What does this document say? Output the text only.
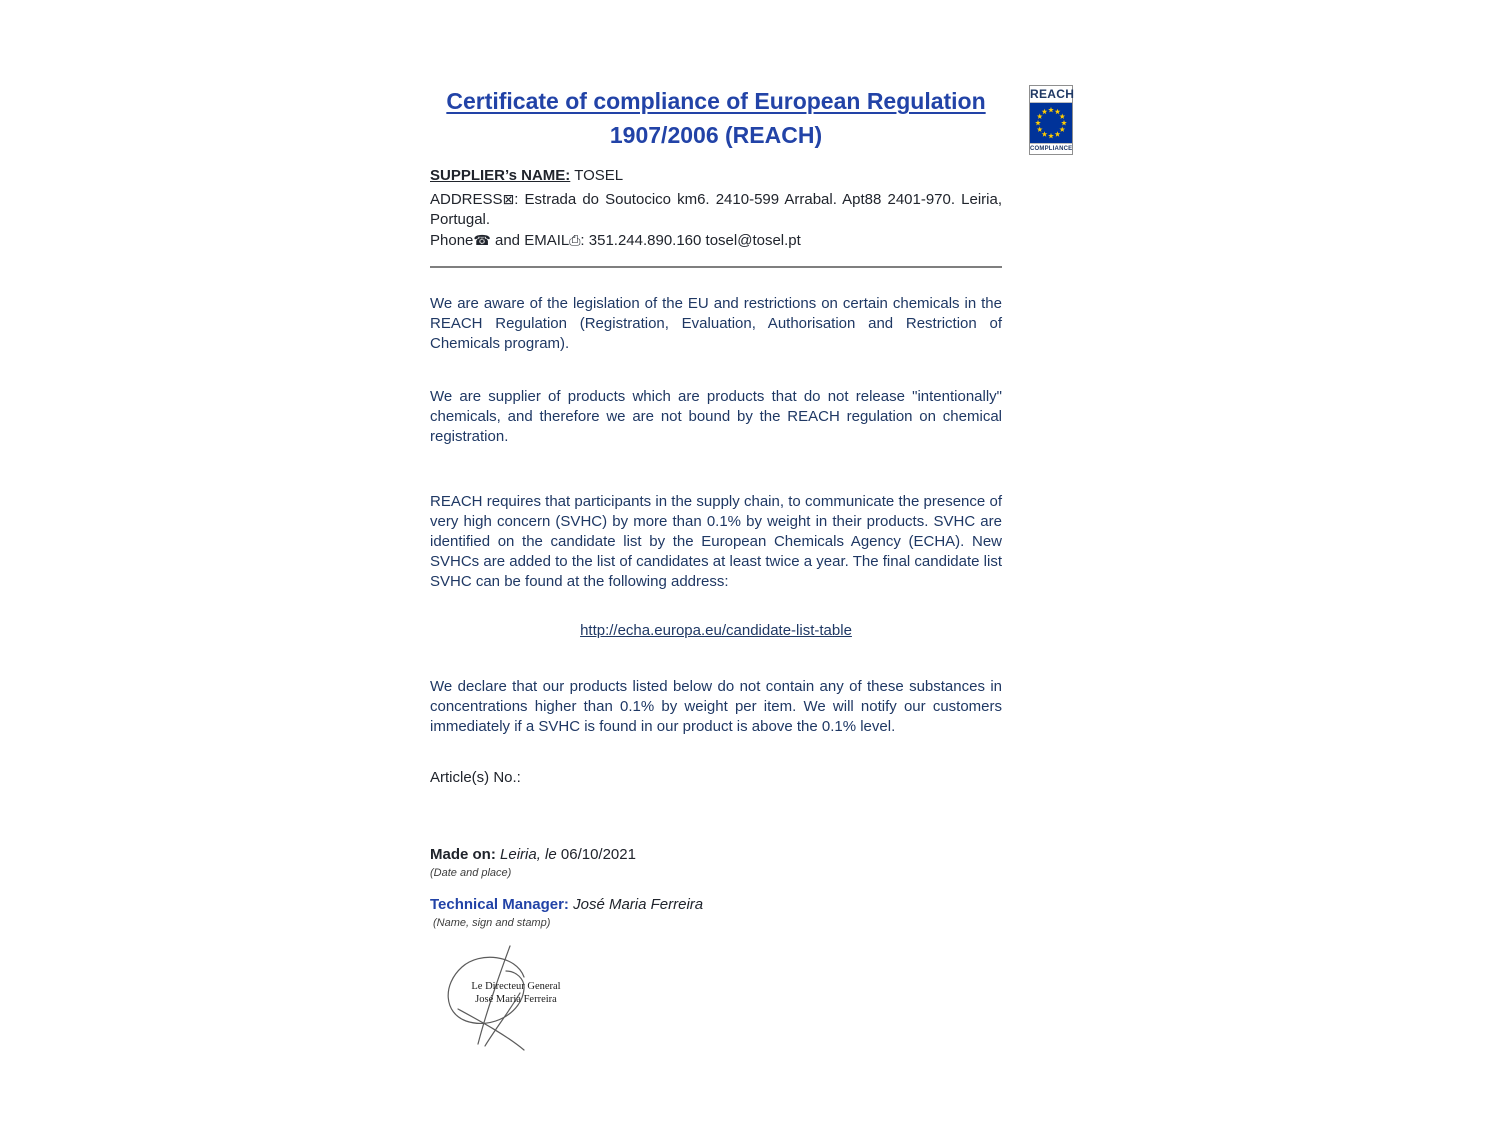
REACH
COMPLIANCE
Certificate of compliance of European Regulation
1907/2006 (REACH)

SUPPLIER’s NAME: TOSEL

ADDRESS⊠: Estrada do Soutocico km6. 2410-599 Arrabal. Apt88 2401-970. Leiria, Portugal.

Phone☎ and EMAIL⎙: 351.244.890.160 tosel@tosel.pt

We are aware of the legislation of the EU and restrictions on certain chemicals in the REACH Regulation (Registration, Evaluation, Authorisation and Restriction of Chemicals program).

We are supplier of products which are products that do not release "intentionally" chemicals, and therefore we are not bound by the REACH regulation on chemical registration.

REACH requires that participants in the supply chain, to communicate the presence of very high concern (SVHC) by more than 0.1% by weight in their products. SVHC are identified on the candidate list by the European Chemicals Agency (ECHA). New SVHCs are added to the list of candidates at least twice a year. The final candidate list SVHC can be found at the following address:

http://echa.europa.eu/candidate-list-table

We declare that our products listed below do not contain any of these substances in concentrations higher than 0.1% by weight per item. We will notify our customers immediately if a SVHC is found in our product is above the 0.1% level.

Article(s) No.:

Made on: Leiria, le 06/10/2021

(Date and place)

Technical Manager: José Maria Ferreira

(Name, sign and stamp)

Le Directeur General
José Maria Ferreira
